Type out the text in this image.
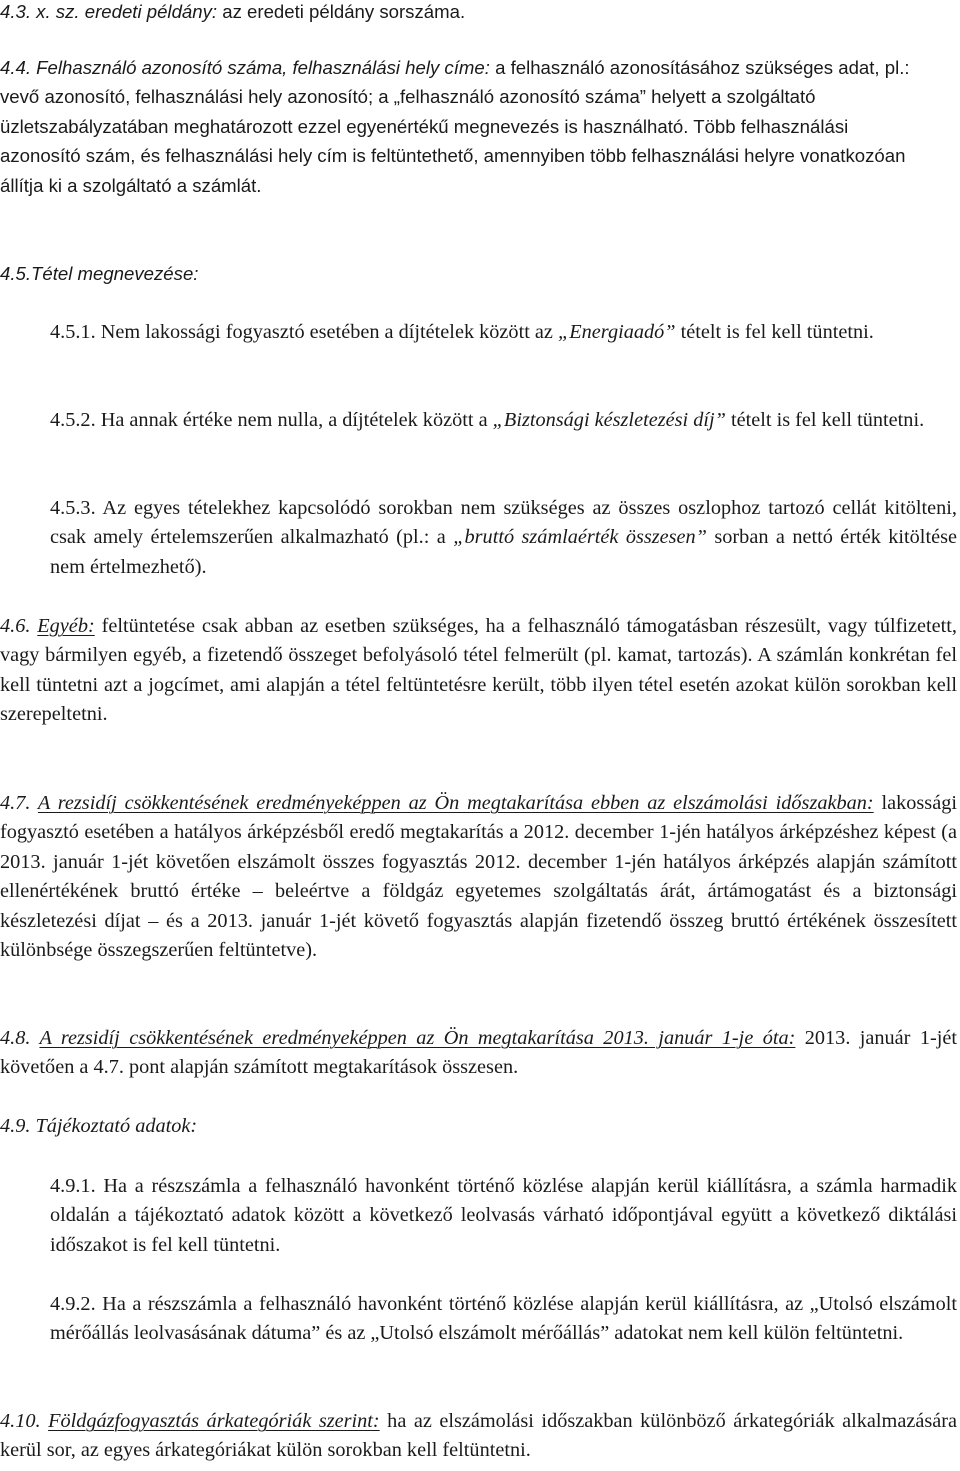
4.3. x. sz. eredeti példány: az eredeti példány sorszáma.

4.4. Felhasználó azonosító száma, felhasználási hely címe: a felhasználó azonosításához szükséges adat, pl.: vevő azonosító, felhasználási hely azonosító; a „felhasználó azonosító száma” helyett a szolgáltató üzletszabályzatában meghatározott ezzel egyenértékű megnevezés is használható. Több felhasználási azonosító szám, és felhasználási hely cím is feltüntethető, amennyiben több felhasználási helyre vonatkozóan állítja ki a szolgáltató a számlát.

4.5.Tétel megnevezése:

4.5.1. Nem lakossági fogyasztó esetében a díjtételek között az „Energiaadó” tételt is fel kell tüntetni.

4.5.2. Ha annak értéke nem nulla, a díjtételek között a „Biztonsági készletezési díj” tételt is fel kell tüntetni.

4.5.3. Az egyes tételekhez kapcsolódó sorokban nem szükséges az összes oszlophoz tartozó cellát kitölteni, csak amely értelemszerűen alkalmazható (pl.: a „bruttó számlaérték összesen” sorban a nettó érték kitöltése nem értelmezhető).

4.6. Egyéb: feltüntetése csak abban az esetben szükséges, ha a felhasználó támogatásban részesült, vagy túlfizetett, vagy bármilyen egyéb, a fizetendő összeget befolyásoló tétel felmerült (pl. kamat, tartozás). A számlán konkrétan fel kell tüntetni azt a jogcímet, ami alapján a tétel feltüntetésre került, több ilyen tétel esetén azokat külön sorokban kell szerepeltetni.

4.7. A rezsidíj csökkentésének eredményeképpen az Ön megtakarítása ebben az elszámolási időszakban: lakossági fogyasztó esetében a hatályos árképzésből eredő megtakarítás a 2012. december 1-jén hatályos árképzéshez képest (a 2013. január 1-jét követően elszámolt összes fogyasztás 2012. december 1-jén hatályos árképzés alapján számított ellenértékének bruttó értéke – beleértve a földgáz egyetemes szolgáltatás árát, ártámogatást és a biztonsági készletezési díjat – és a 2013. január 1-jét követő fogyasztás alapján fizetendő összeg bruttó értékének összesített különbsége összegszerűen feltüntetve).

4.8. A rezsidíj csökkentésének eredményeképpen az Ön megtakarítása 2013. január 1-je óta: 2013. január 1-jét követően a 4.7. pont alapján számított megtakarítások összesen.

4.9. Tájékoztató adatok:

4.9.1. Ha a részszámla a felhasználó havonként történő közlése alapján kerül kiállításra, a számla harmadik oldalán a tájékoztató adatok között a következő leolvasás várható időpontjával együtt a következő diktálási időszakot is fel kell tüntetni.

4.9.2. Ha a részszámla a felhasználó havonként történő közlése alapján kerül kiállításra, az „Utolsó elszámolt mérőállás leolvasásának dátuma” és az „Utolsó elszámolt mérőállás” adatokat nem kell külön feltüntetni.

4.10. Földgázfogyasztás árkategóriák szerint: ha az elszámolási időszakban különböző árkategóriák alkalmazására kerül sor, az egyes árkategóriákat külön sorokban kell feltüntetni.
